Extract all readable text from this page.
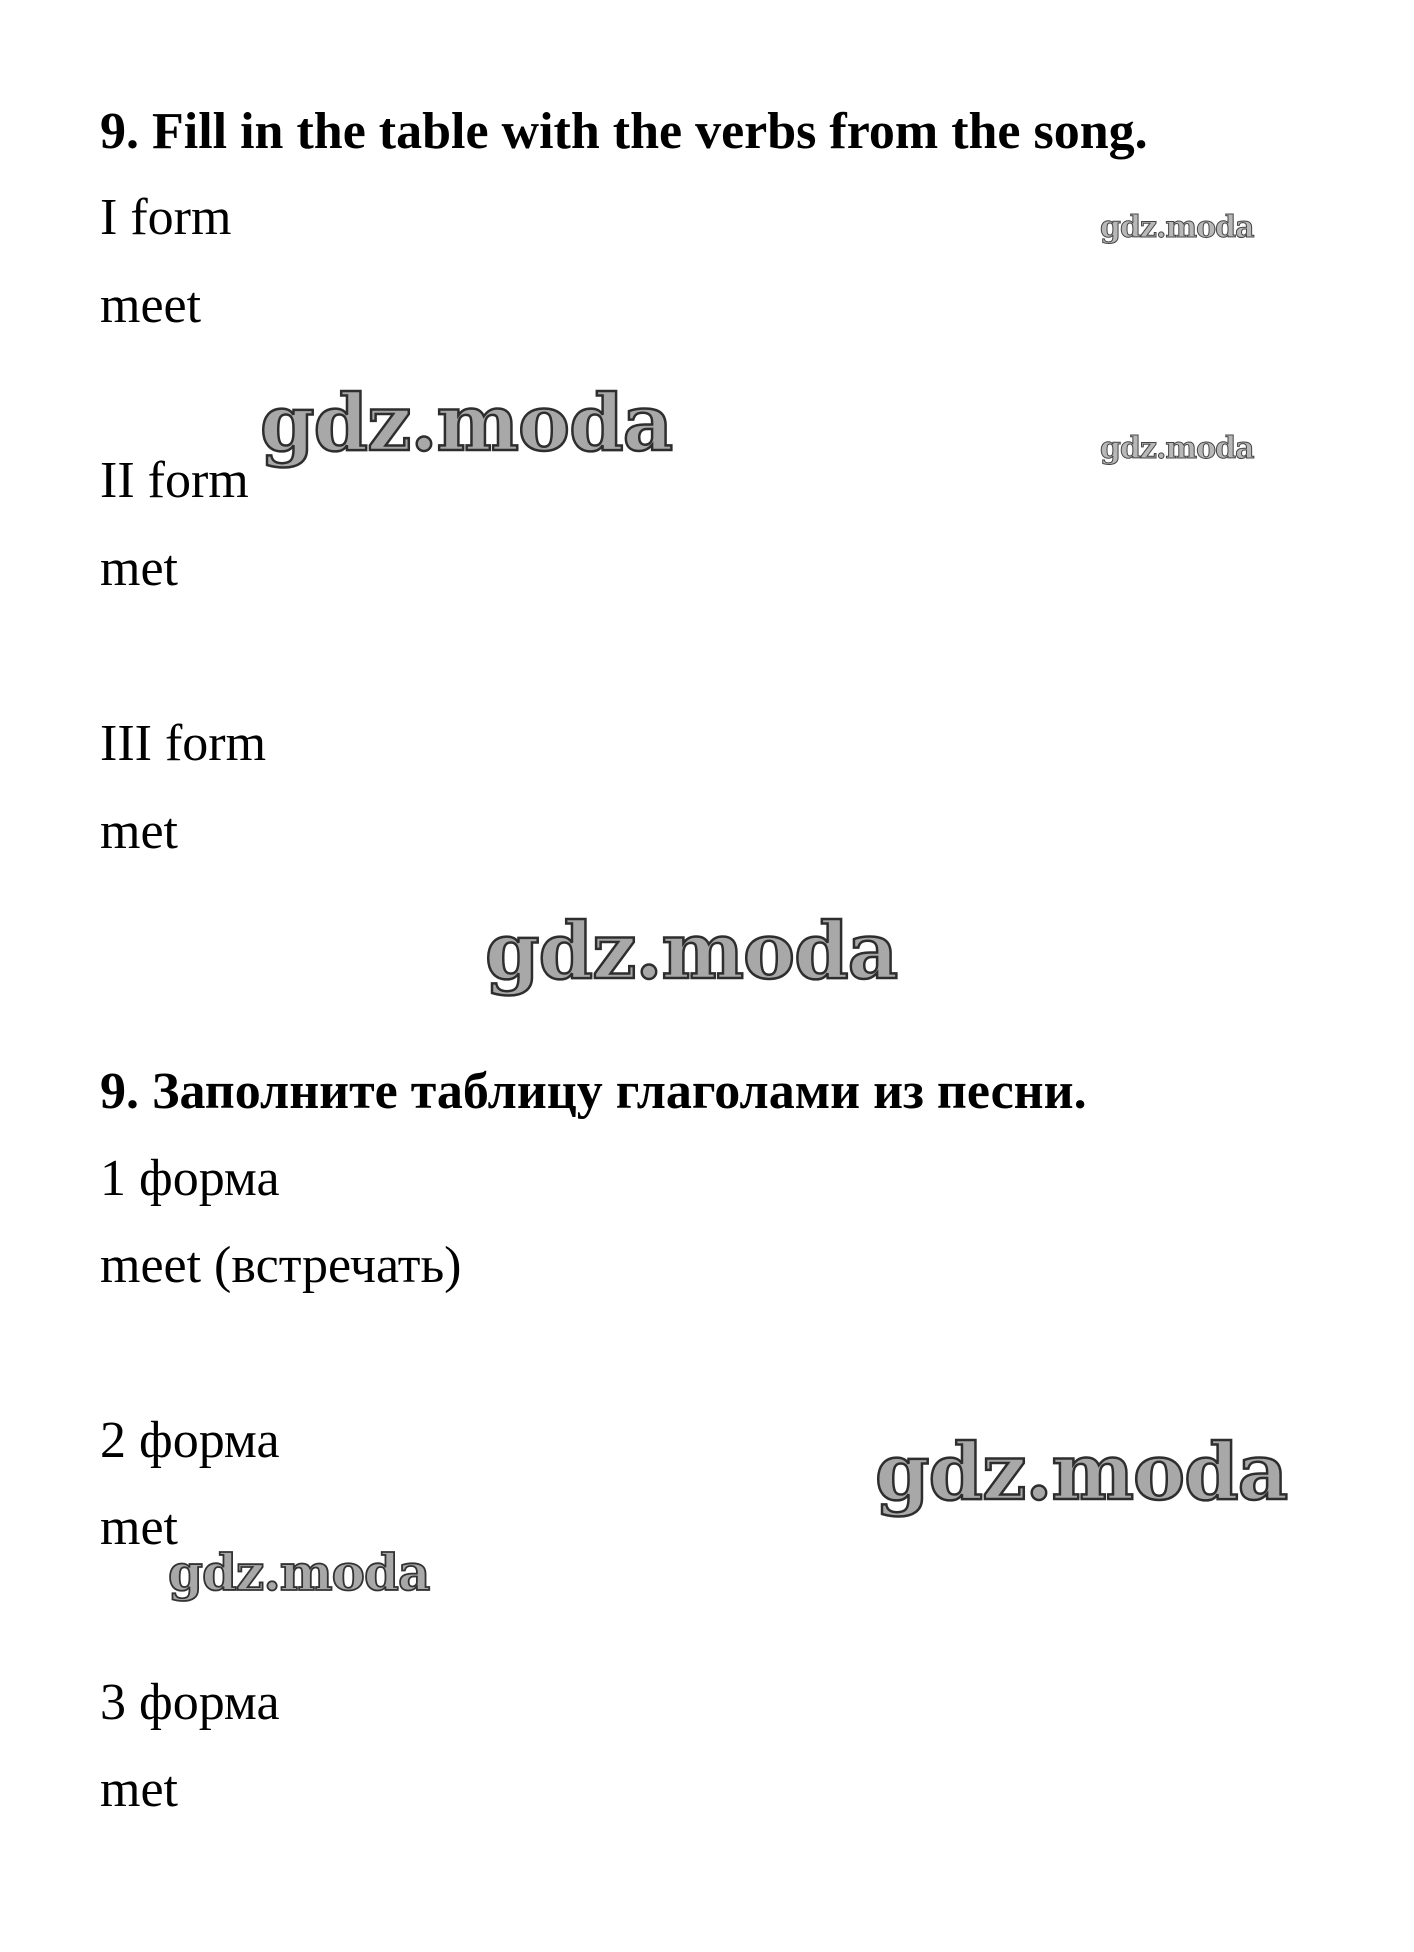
9. Fill in the table with the verbs from the song.
I form
meet
II form
met
III form
met
9. Заполните таблицу глаголами из песни.
1 форма
meet (встречать)
2 форма
met
3 форма
met
gdz.moda
gdz.moda	gdz.moda
gdz.moda
gdz.moda
gdz.moda
